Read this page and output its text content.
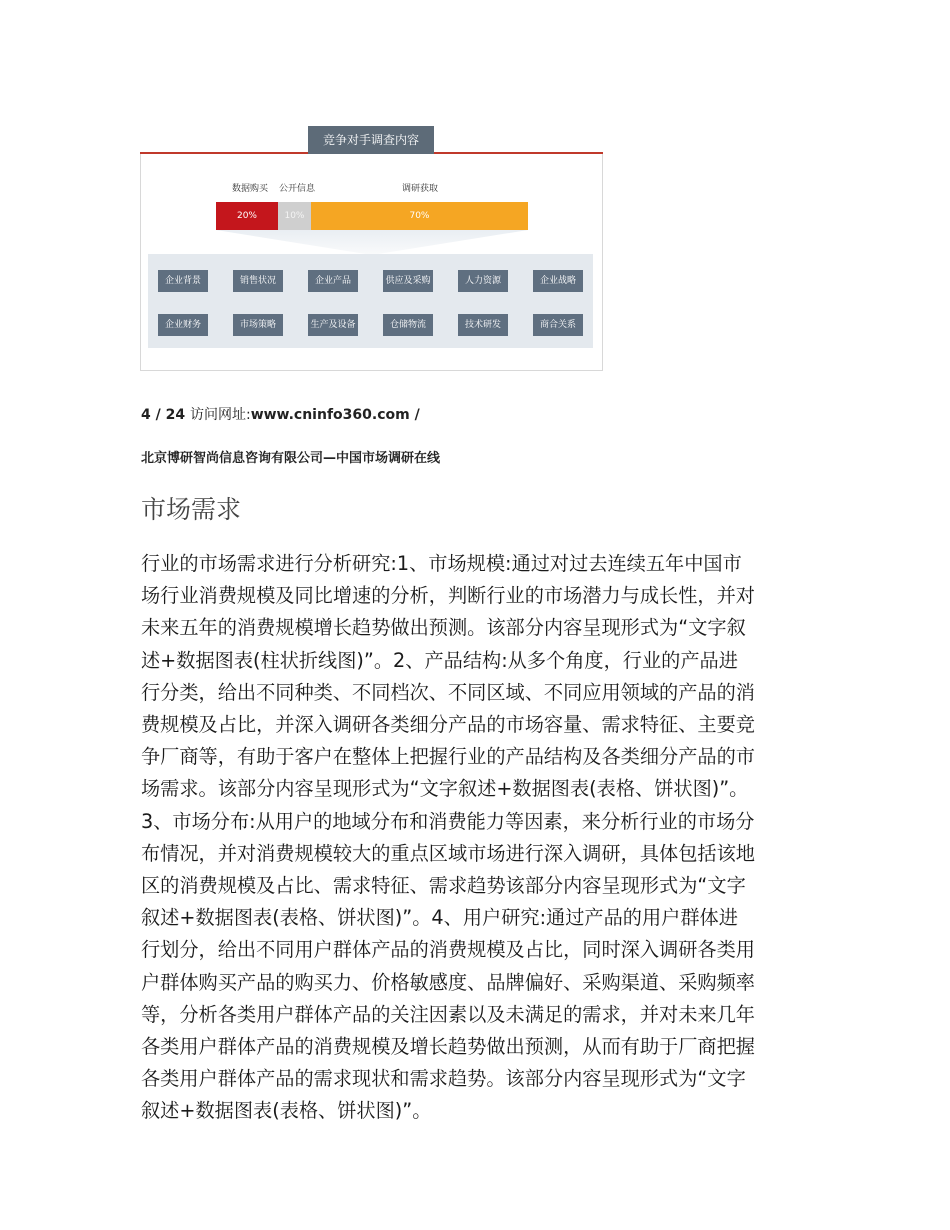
竞争对手调查内容
数据购买 公开信息	调研获取
20%	10%	70%
企业背景	销售状况	企业产品	供应及采购	人力资源	企业战略
企业财务	市场策略	生产及设备	仓储物流	技术研发	商合关系
4 / 24 访问网址:www.cninfo360.com /
北京博研智尚信息咨询有限公司—中国市场调研在线
市场需求
行业的市场需求进行分析研究:1、市场规模:通过对过去连续五年中国市
场行业消费规模及同比增速的分析，判断行业的市场潜力与成长性，并对
未来五年的消费规模增长趋势做出预测。该部分内容呈现形式为“文字叙
述+数据图表(柱状折线图)”。2、产品结构:从多个角度，行业的产品进
行分类，给出不同种类、不同档次、不同区域、不同应用领域的产品的消
费规模及占比，并深入调研各类细分产品的市场容量、需求特征、主要竞
争厂商等，有助于客户在整体上把握行业的产品结构及各类细分产品的市
场需求。该部分内容呈现形式为“文字叙述+数据图表(表格、饼状图)”。
3、市场分布:从用户的地域分布和消费能力等因素，来分析行业的市场分
布情况，并对消费规模较大的重点区域市场进行深入调研，具体包括该地
区的消费规模及占比、需求特征、需求趋势该部分内容呈现形式为“文字
叙述+数据图表(表格、饼状图)”。4、用户研究:通过产品的用户群体进
行划分，给出不同用户群体产品的消费规模及占比，同时深入调研各类用
户群体购买产品的购买力、价格敏感度、品牌偏好、采购渠道、采购频率
等，分析各类用户群体产品的关注因素以及未满足的需求，并对未来几年
各类用户群体产品的消费规模及增长趋势做出预测，从而有助于厂商把握
各类用户群体产品的需求现状和需求趋势。该部分内容呈现形式为“文字
叙述+数据图表(表格、饼状图)”。
